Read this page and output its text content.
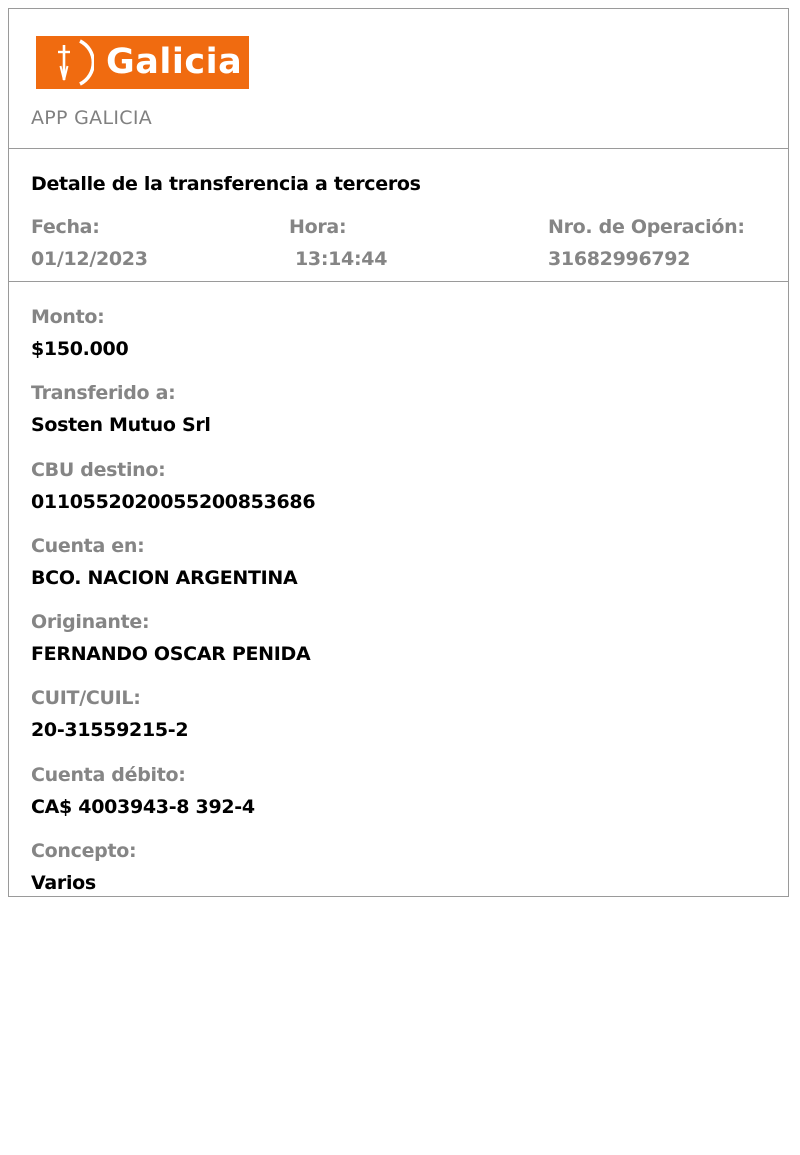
Galicia
APP GALICIA
Detalle de la transferencia a terceros
Fecha:
01/12/2023
Hora:
13:14:44
Nro. de Operación:
31682996792
Monto:
$150.000
Transferido a:
Sosten Mutuo Srl
CBU destino:
0110552020055200853686
Cuenta en:
BCO. NACION ARGENTINA
Originante:
FERNANDO OSCAR PENIDA
CUIT/CUIL:
20-31559215-2
Cuenta débito:
CA$ 4003943-8 392-4
Concepto:
Varios
